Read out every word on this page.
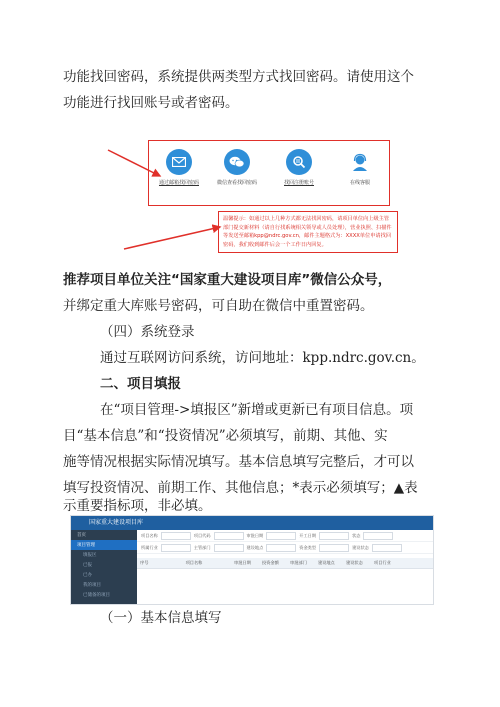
功能找回密码，系统提供两类型方式找回密码。请使用这个

功能进行找回账号或者密码。

通过邮箱找回密码	微信查看找回密码	找回注册账号	在线客服
温馨提示：如通过以上几种方式都无法找回密码，请项目单位向上级主管部门提交新材料（请自行找系统相关领导或人员处理），营业执照、扫描件等发送至邮箱kpp@ndrc.gov.cn，邮件主题格式为：XXXX单位申请找回密码，我们收到邮件后会一个工作日内回复。

推荐项目单位关注“国家重大建设项目库”微信公众号，

并绑定重大库账号密码，可自助在微信中重置密码。

（四）系统登录

通过互联网访问系统，访问地址：kpp.ndrc.gov.cn。

二、项目填报

在“项目管理->填报区”新增或更新已有项目信息。项

目“基本信息”和“投资情况”必须填写，前期、其他、实

施等情况根据实际情况填写。基本信息填写完整后，才可以

填写投资情况、前期工作、其他信息；*表示必须填写；▲表

示重要指标项，非必填。

国家重大建设项目库
首页
项目管理
填报区
已报
已办
我的项目
已储备的项目
项目名称	项目代码	审批日期	开工日期	状态
所属行业	主管部门	建设地点	资金类型	建设状态
序号	项目名称	审批日期	投资金额	审批部门	建设地点	建设状态	项目行业

（一）基本信息填写
